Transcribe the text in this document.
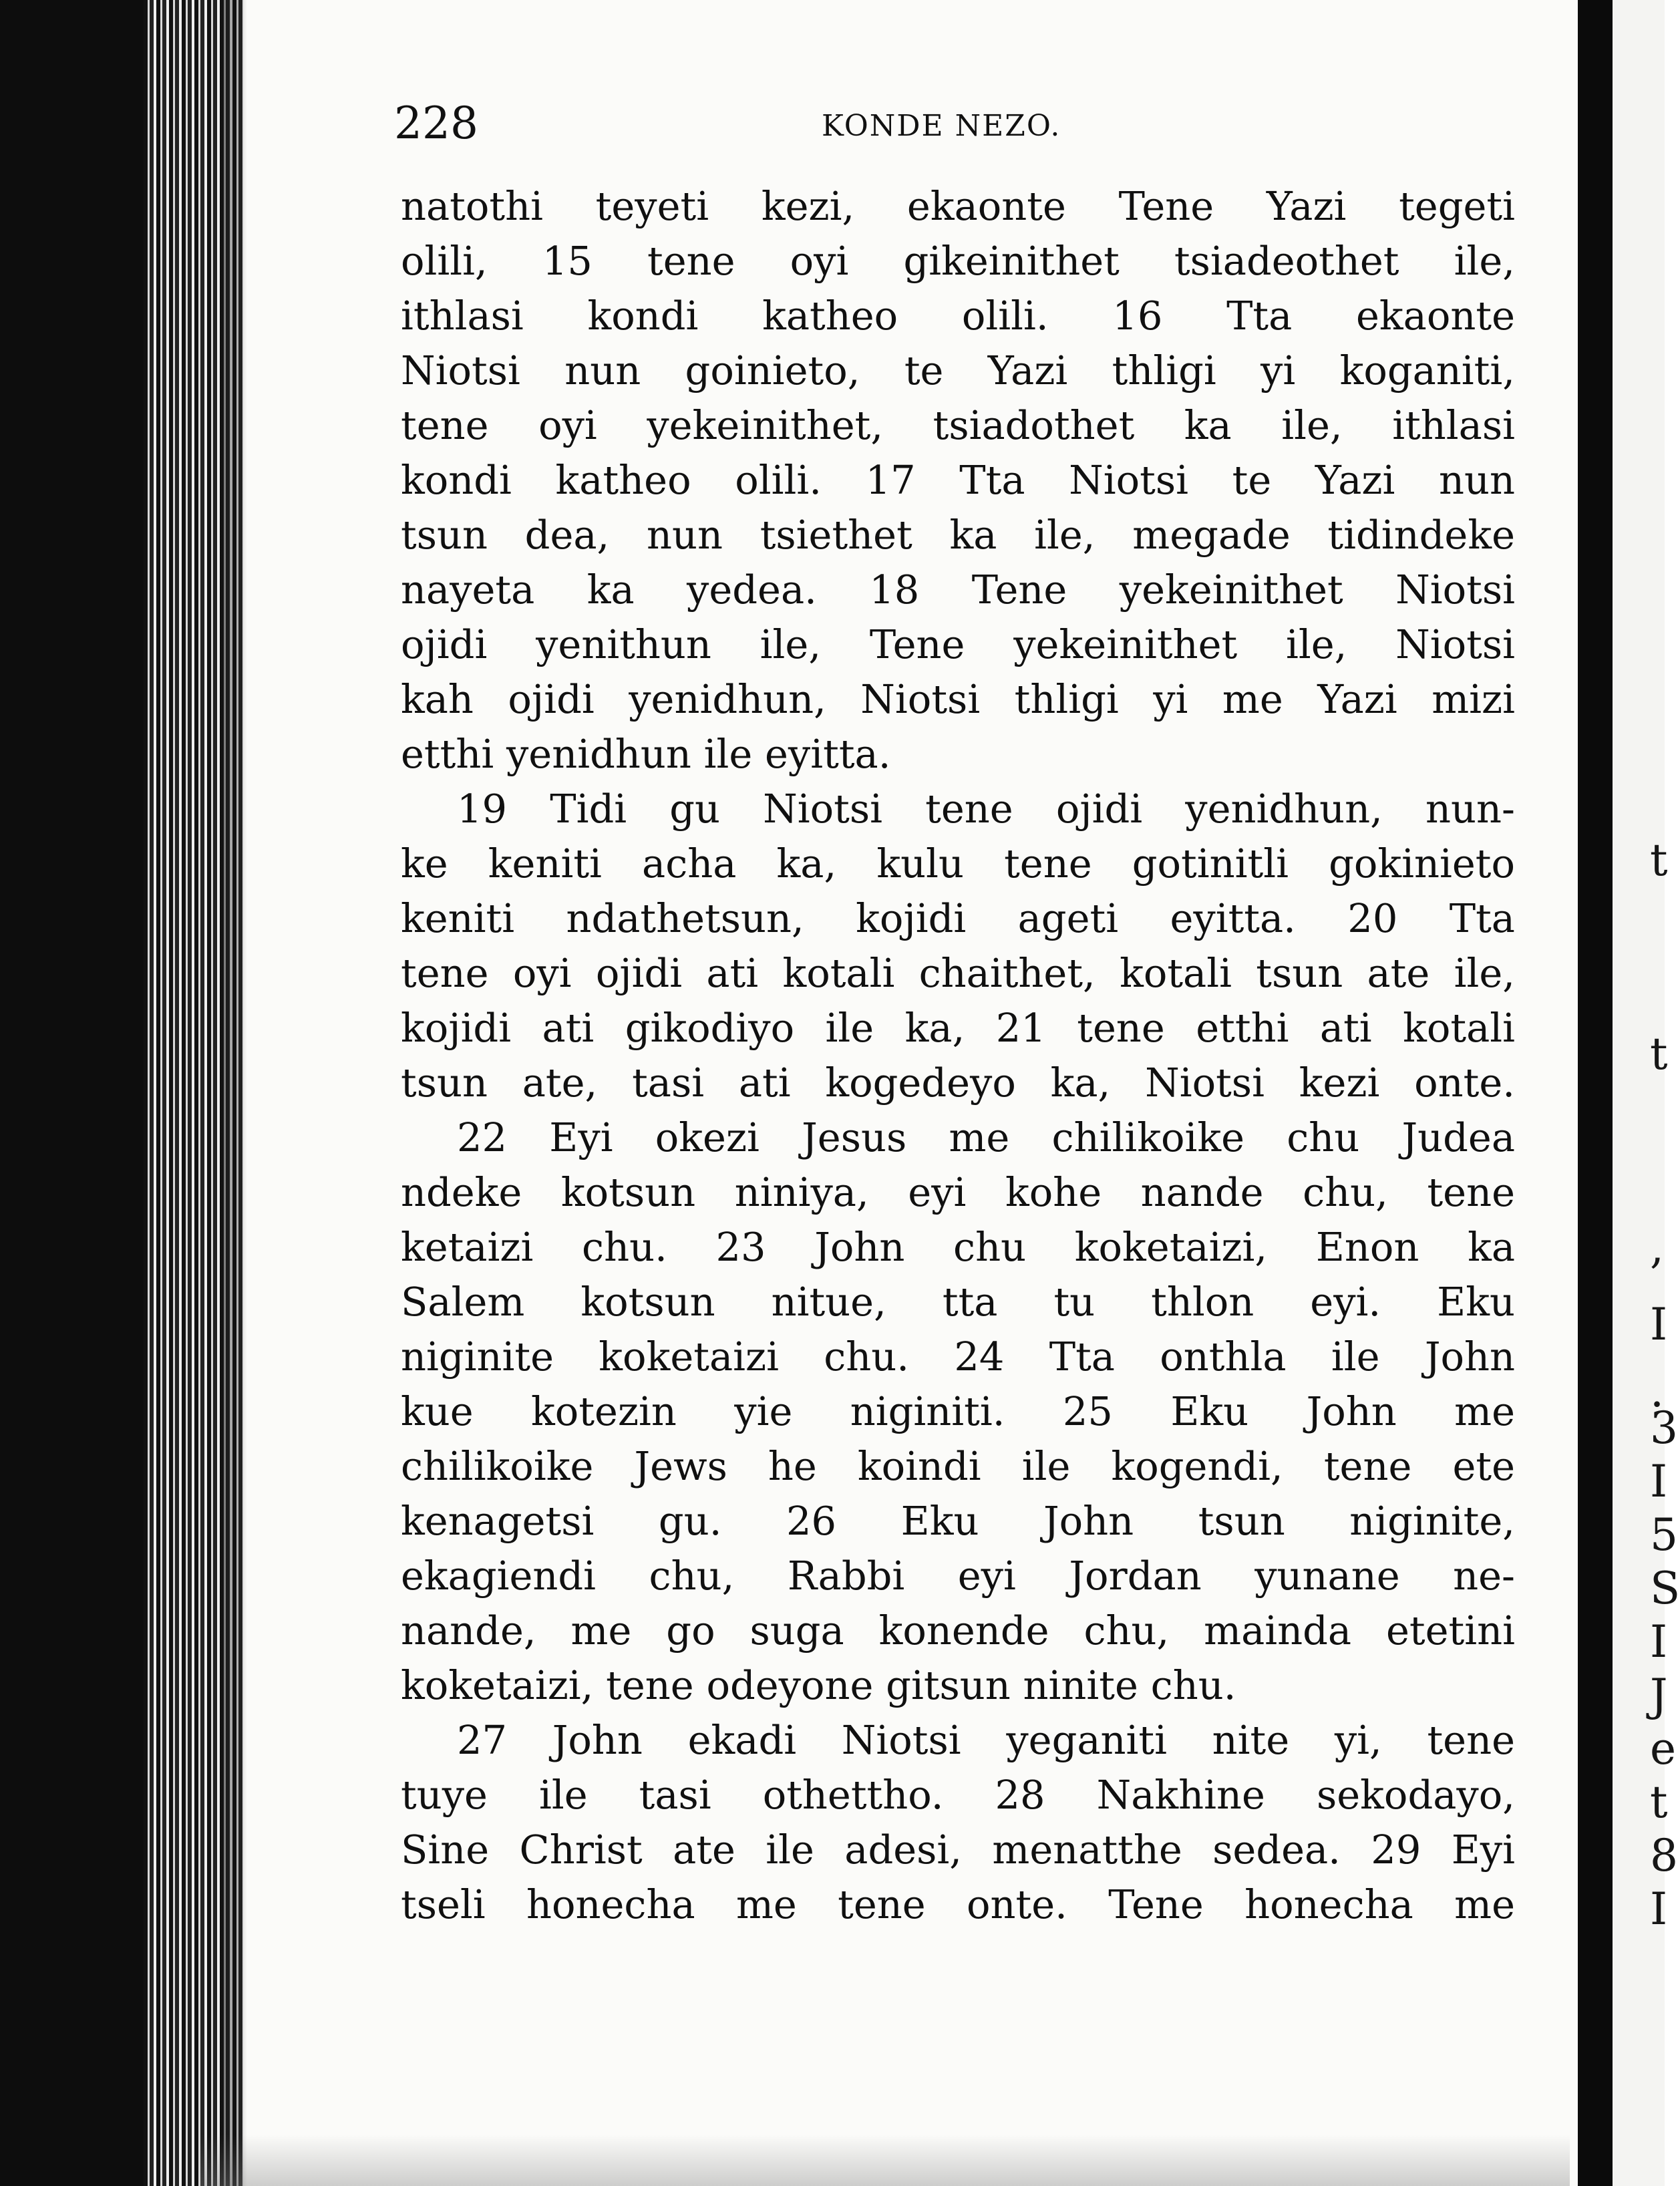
t
t
,
I
.
3
I
5
S
I
J
e
t
8
I
228	KONDE NEZO.
natothi teyeti kezi, ekaonte Tene Yazi tegeti
olili, 15 tene oyi gikeinithet tsiadeothet ile,
ithlasi kondi katheo olili. 16 Tta ekaonte
Niotsi nun goinieto, te Yazi thligi yi koganiti,
tene oyi yekeinithet, tsiadothet ka ile, ithlasi
kondi katheo olili. 17 Tta Niotsi te Yazi nun
tsun dea, nun tsiethet ka ile, megade tidindeke
nayeta ka yedea. 18 Tene yekeinithet Niotsi
ojidi yenithun ile, Tene yekeinithet ile, Niotsi
kah ojidi yenidhun, Niotsi thligi yi me Yazi mizi
etthi yenidhun ile eyitta.
19 Tidi gu Niotsi tene ojidi yenidhun, nun-
ke keniti acha ka, kulu tene gotinitli gokinieto
keniti ndathetsun, kojidi ageti eyitta. 20 Tta
tene oyi ojidi ati kotali chaithet, kotali tsun ate ile,
kojidi ati gikodiyo ile ka, 21 tene etthi ati kotali
tsun ate, tasi ati kogedeyo ka, Niotsi kezi onte.
22 Eyi okezi Jesus me chilikoike chu Judea
ndeke kotsun niniya, eyi kohe nande chu, tene
ketaizi chu. 23 John chu koketaizi, Enon ka
Salem kotsun nitue, tta tu thlon eyi. Eku
niginite koketaizi chu. 24 Tta onthla ile John
kue kotezin yie niginiti. 25 Eku John me
chilikoike Jews he koindi ile kogendi, tene ete
kenagetsi gu. 26 Eku John tsun niginite,
ekagiendi chu, Rabbi eyi Jordan yunane ne-
nande, me go suga konende chu, mainda etetini
koketaizi, tene odeyone gitsun ninite chu.
27 John ekadi Niotsi yeganiti nite yi, tene
tuye ile tasi othettho. 28 Nakhine sekodayo,
Sine Christ ate ile adesi, menatthe sedea. 29 Eyi
tseli honecha me tene onte. Tene honecha me
